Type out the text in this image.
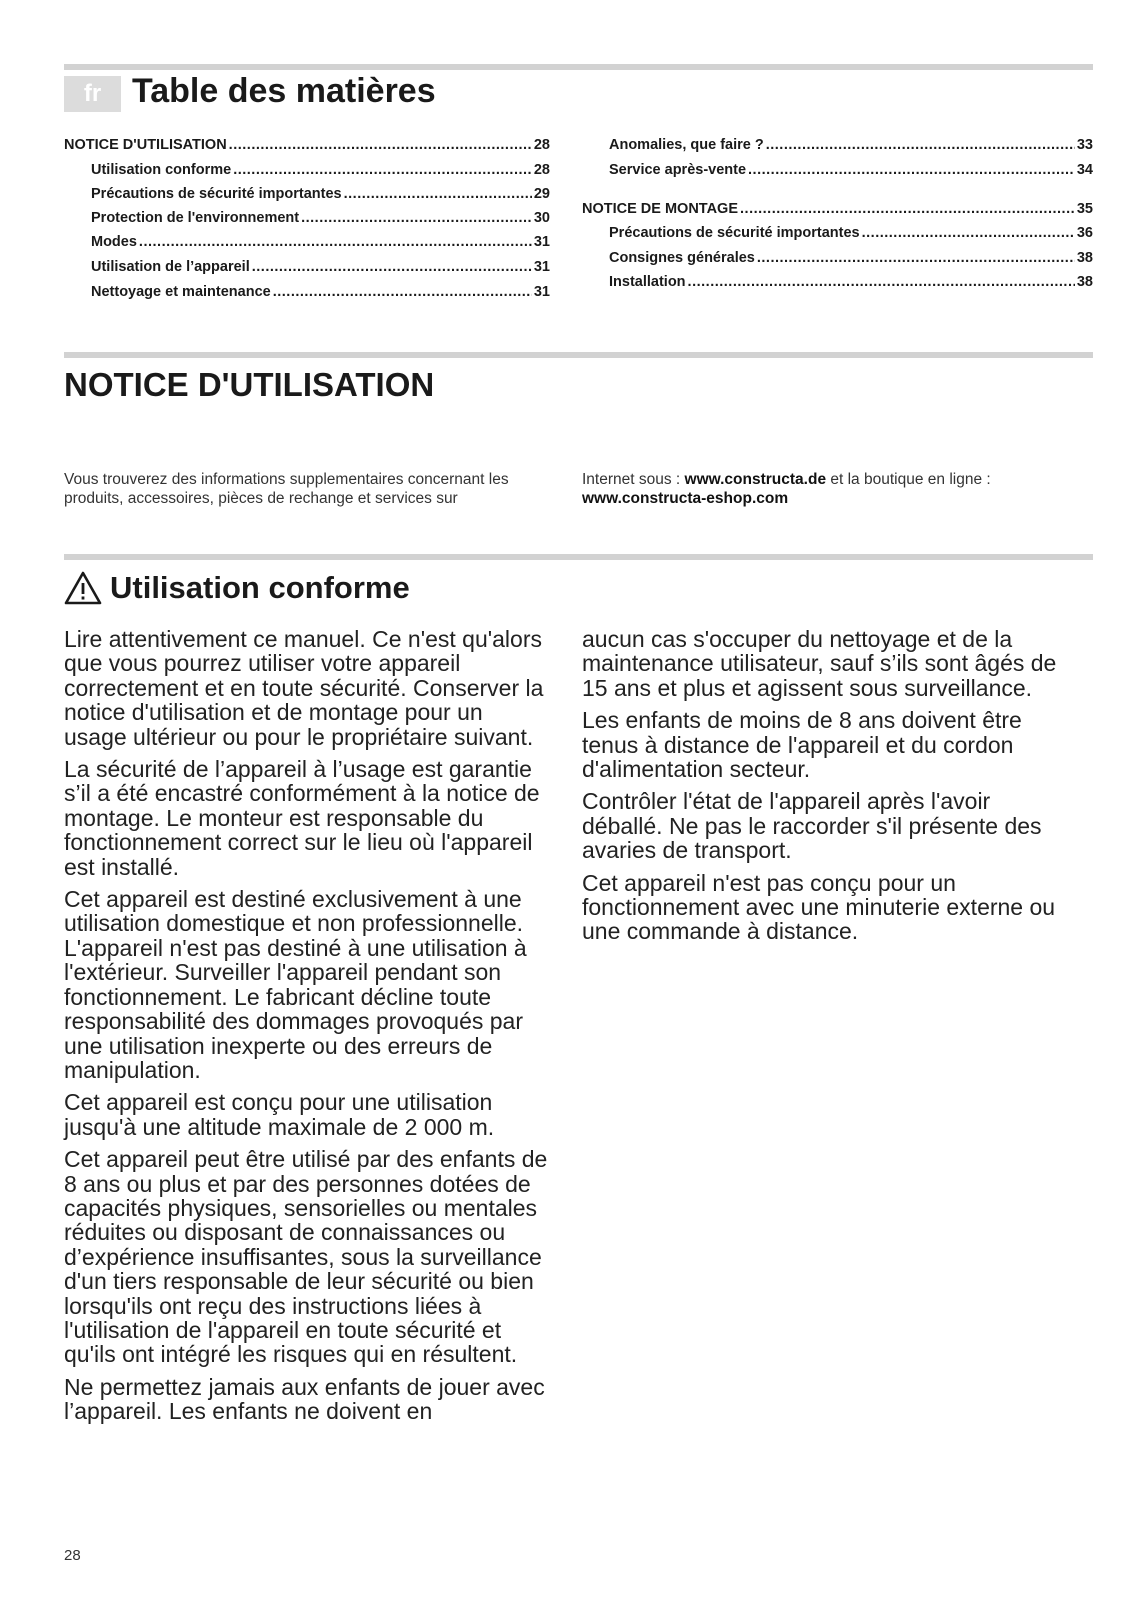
fr Table des matières
NOTICE D'UTILISATION .....	28
Utilisation conforme .....	28
Précautions de sécurité importantes .....	29
Protection de l'environnement .....	30
Modes .....	31
Utilisation de l’appareil .....	31
Nettoyage et maintenance .....	31
Anomalies, que faire ? .....	33
Service après-vente .....	34
NOTICE DE MONTAGE .....	35
Précautions de sécurité importantes .....	36
Consignes générales .....	38
Installation .....	38
NOTICE D'UTILISATION
Vous trouverez des informations supplementaires concernant les produits, accessoires, pièces de rechange et services sur
Internet sous : www.constructa.de et la boutique en ligne :
www.constructa-eshop.com
Utilisation conforme

Lire attentivement ce manuel. Ce n'est qu'alors que vous pourrez utiliser votre appareil correctement et en toute sécurité. Conserver la notice d'utilisation et de montage pour un usage ultérieur ou pour le propriétaire suivant.

La sécurité de l’appareil à l’usage est garantie s’il a été encastré conformément à la notice de montage. Le monteur est responsable du fonctionnement correct sur le lieu où l'appareil est installé.

Cet appareil est destiné exclusivement à une utilisation domestique et non professionnelle. L'appareil n'est pas destiné à une utilisation à l'extérieur. Surveiller l'appareil pendant son fonctionnement. Le fabricant décline toute responsabilité des dommages provoqués par une utilisation inexperte ou des erreurs de manipulation.

Cet appareil est conçu pour une utilisation jusqu'à une altitude maximale de 2 000 m.

Cet appareil peut être utilisé par des enfants de 8 ans ou plus et par des personnes dotées de capacités physiques, sensorielles ou mentales réduites ou disposant de connaissances ou d’expérience insuffisantes, sous la surveillance d'un tiers responsable de leur sécurité ou bien lorsqu'ils ont reçu des instructions liées à l'utilisation de l'appareil en toute sécurité et qu'ils ont intégré les risques qui en résultent.

Ne permettez jamais aux enfants de jouer avec l’appareil. Les enfants ne doivent en

aucun cas s'occuper du nettoyage et de la maintenance utilisateur, sauf s’ils sont âgés de 15 ans et plus et agissent sous surveillance.

Les enfants de moins de 8 ans doivent être tenus à distance de l'appareil et du cordon d'alimentation secteur.

Contrôler l'état de l'appareil après l'avoir déballé. Ne pas le raccorder s'il présente des avaries de transport.

Cet appareil n'est pas conçu pour un fonctionnement avec une minuterie externe ou une commande à distance.

28
